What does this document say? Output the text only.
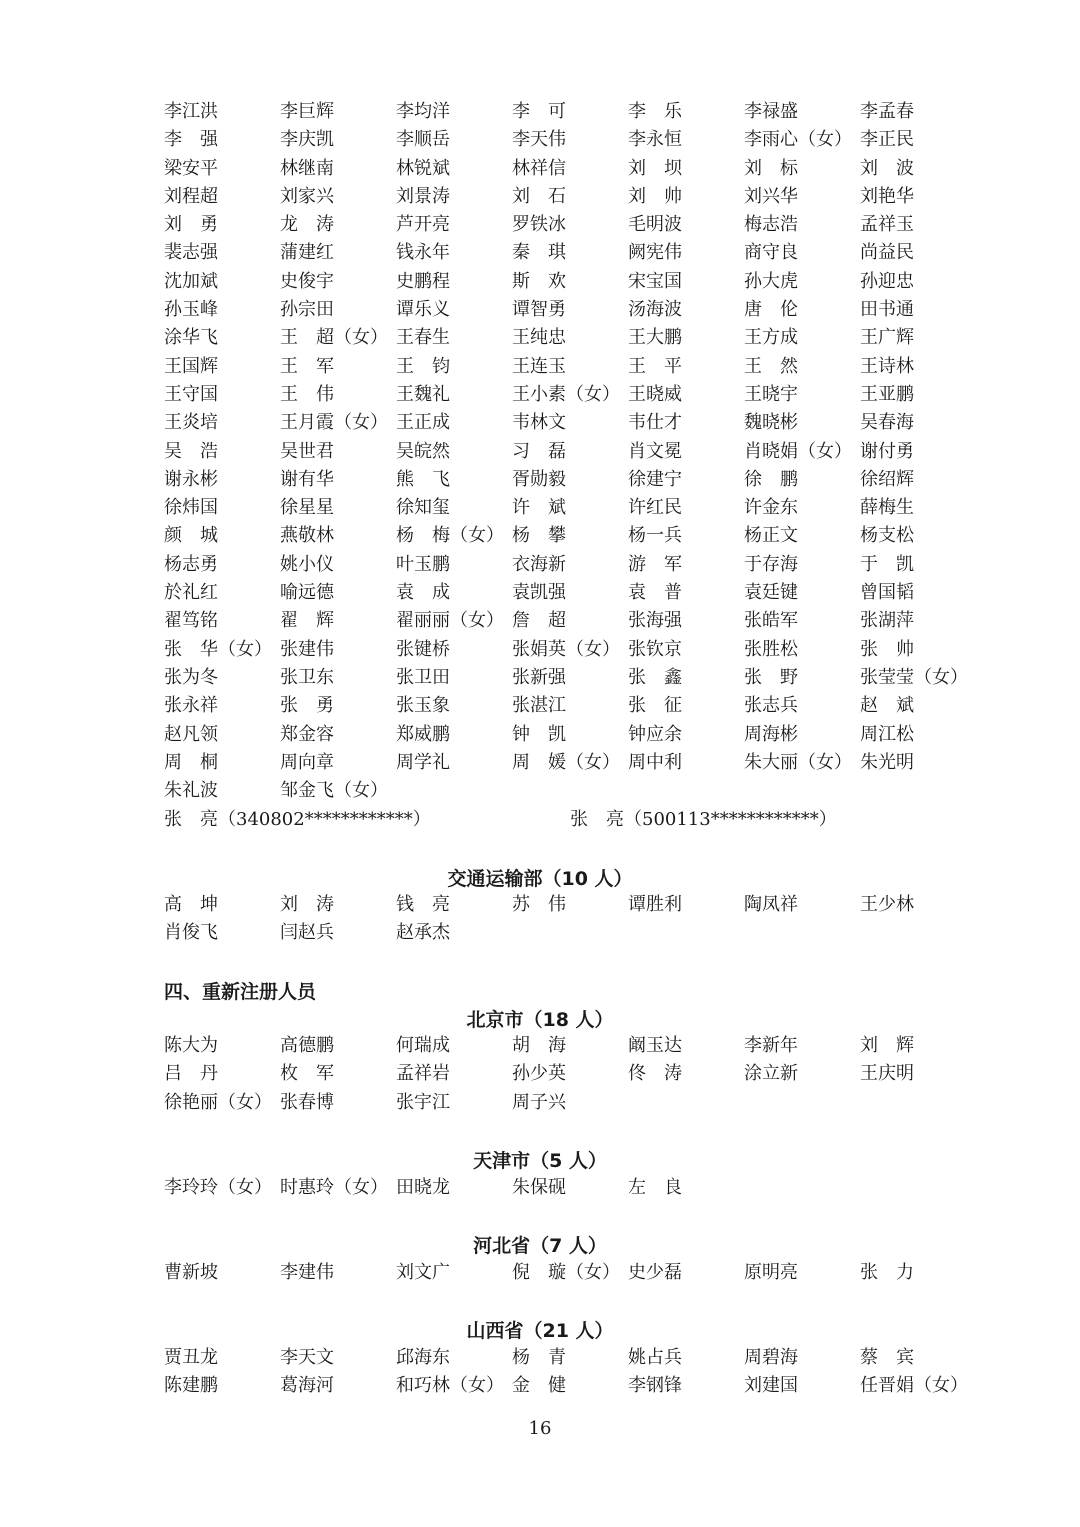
李江洪	李巨辉	李均洋	李　可	李　乐	李禄盛	李孟春
李　强	李庆凯	李顺岳	李天伟	李永恒	李雨心（女） 李正民
梁安平	林继南	林锐斌	林祥信	刘　坝	刘　标	刘　波
刘程超	刘家兴	刘景涛	刘　石	刘　帅	刘兴华	刘艳华
刘　勇	龙　涛	芦开亮	罗铁冰	毛明波	梅志浩	孟祥玉
裴志强	蒲建红	钱永年	秦　琪	阙宪伟	商守良	尚益民
沈加斌	史俊宇	史鹏程	斯　欢	宋宝国	孙大虎	孙迎忠
孙玉峰	孙宗田	谭乐义	谭智勇	汤海波	唐　伦	田书通
涂华飞	王　超（女） 王春生	王纯忠	王大鹏	王方成	王广辉
王国辉	王　军	王　钧	王连玉	王　平	王　然	王诗林
王守国	王　伟	王魏礼	王小素（女） 王晓威	王晓宇	王亚鹏
王炎培	王月霞（女） 王正成	韦林文	韦仕才	魏晓彬	吴春海
吴　浩	吴世君	吴皖然	习　磊	肖文冕	肖晓娟（女） 谢付勇
谢永彬	谢有华	熊　飞	胥勋毅	徐建宁	徐　鹏	徐绍辉
徐炜国	徐星星	徐知玺	许　斌	许红民	许金东	薛梅生
颜　城	燕敬林	杨　梅（女） 杨　攀	杨一兵	杨正文	杨支松
杨志勇	姚小仪	叶玉鹏	衣海新	游　军	于存海	于　凯
於礼红	喻远德	袁　成	袁凯强	袁　普	袁廷键	曾国韬
翟笃铭	翟　辉	翟丽丽（女） 詹　超	张海强	张皓军	张湖萍
张　华（女） 张建伟	张键桥	张娟英（女） 张钦京	张胜松	张　帅
张为冬	张卫东	张卫田	张新强	张　鑫	张　野	张莹莹（女）
张永祥	张　勇	张玉象	张湛江	张　征	张志兵	赵　斌
赵凡领	郑金容	郑威鹏	钟　凯	钟应余	周海彬	周江松
周　桐	周向章	周学礼	周　媛（女） 周中利	朱大丽（女） 朱光明
朱礼波	邹金飞（女）
张　亮（340802************）	张　亮（500113************）
交通运输部（10 人）
高　坤	刘　涛	钱　亮	苏　伟	谭胜利	陶凤祥	王少林
肖俊飞	闫赵兵	赵承杰
四、重新注册人员
北京市（18 人）
陈大为	高德鹏	何瑞成	胡　海	阚玉达	李新年	刘　辉
吕　丹	枚　军	孟祥岩	孙少英	佟　涛	涂立新	王庆明
徐艳丽（女） 张春博	张宇江	周子兴
天津市（5 人）
李玲玲（女） 时惠玲（女） 田晓龙	朱保砚	左　良
河北省（7 人）
曹新坡	李建伟	刘文广	倪　璇（女） 史少磊	原明亮	张　力
山西省（21 人）
贾丑龙	李天文	邱海东	杨　青	姚占兵	周碧海	蔡　宾
陈建鹏	葛海河	和巧林（女） 金　健	李钢锋	刘建国	任晋娟（女）
16
